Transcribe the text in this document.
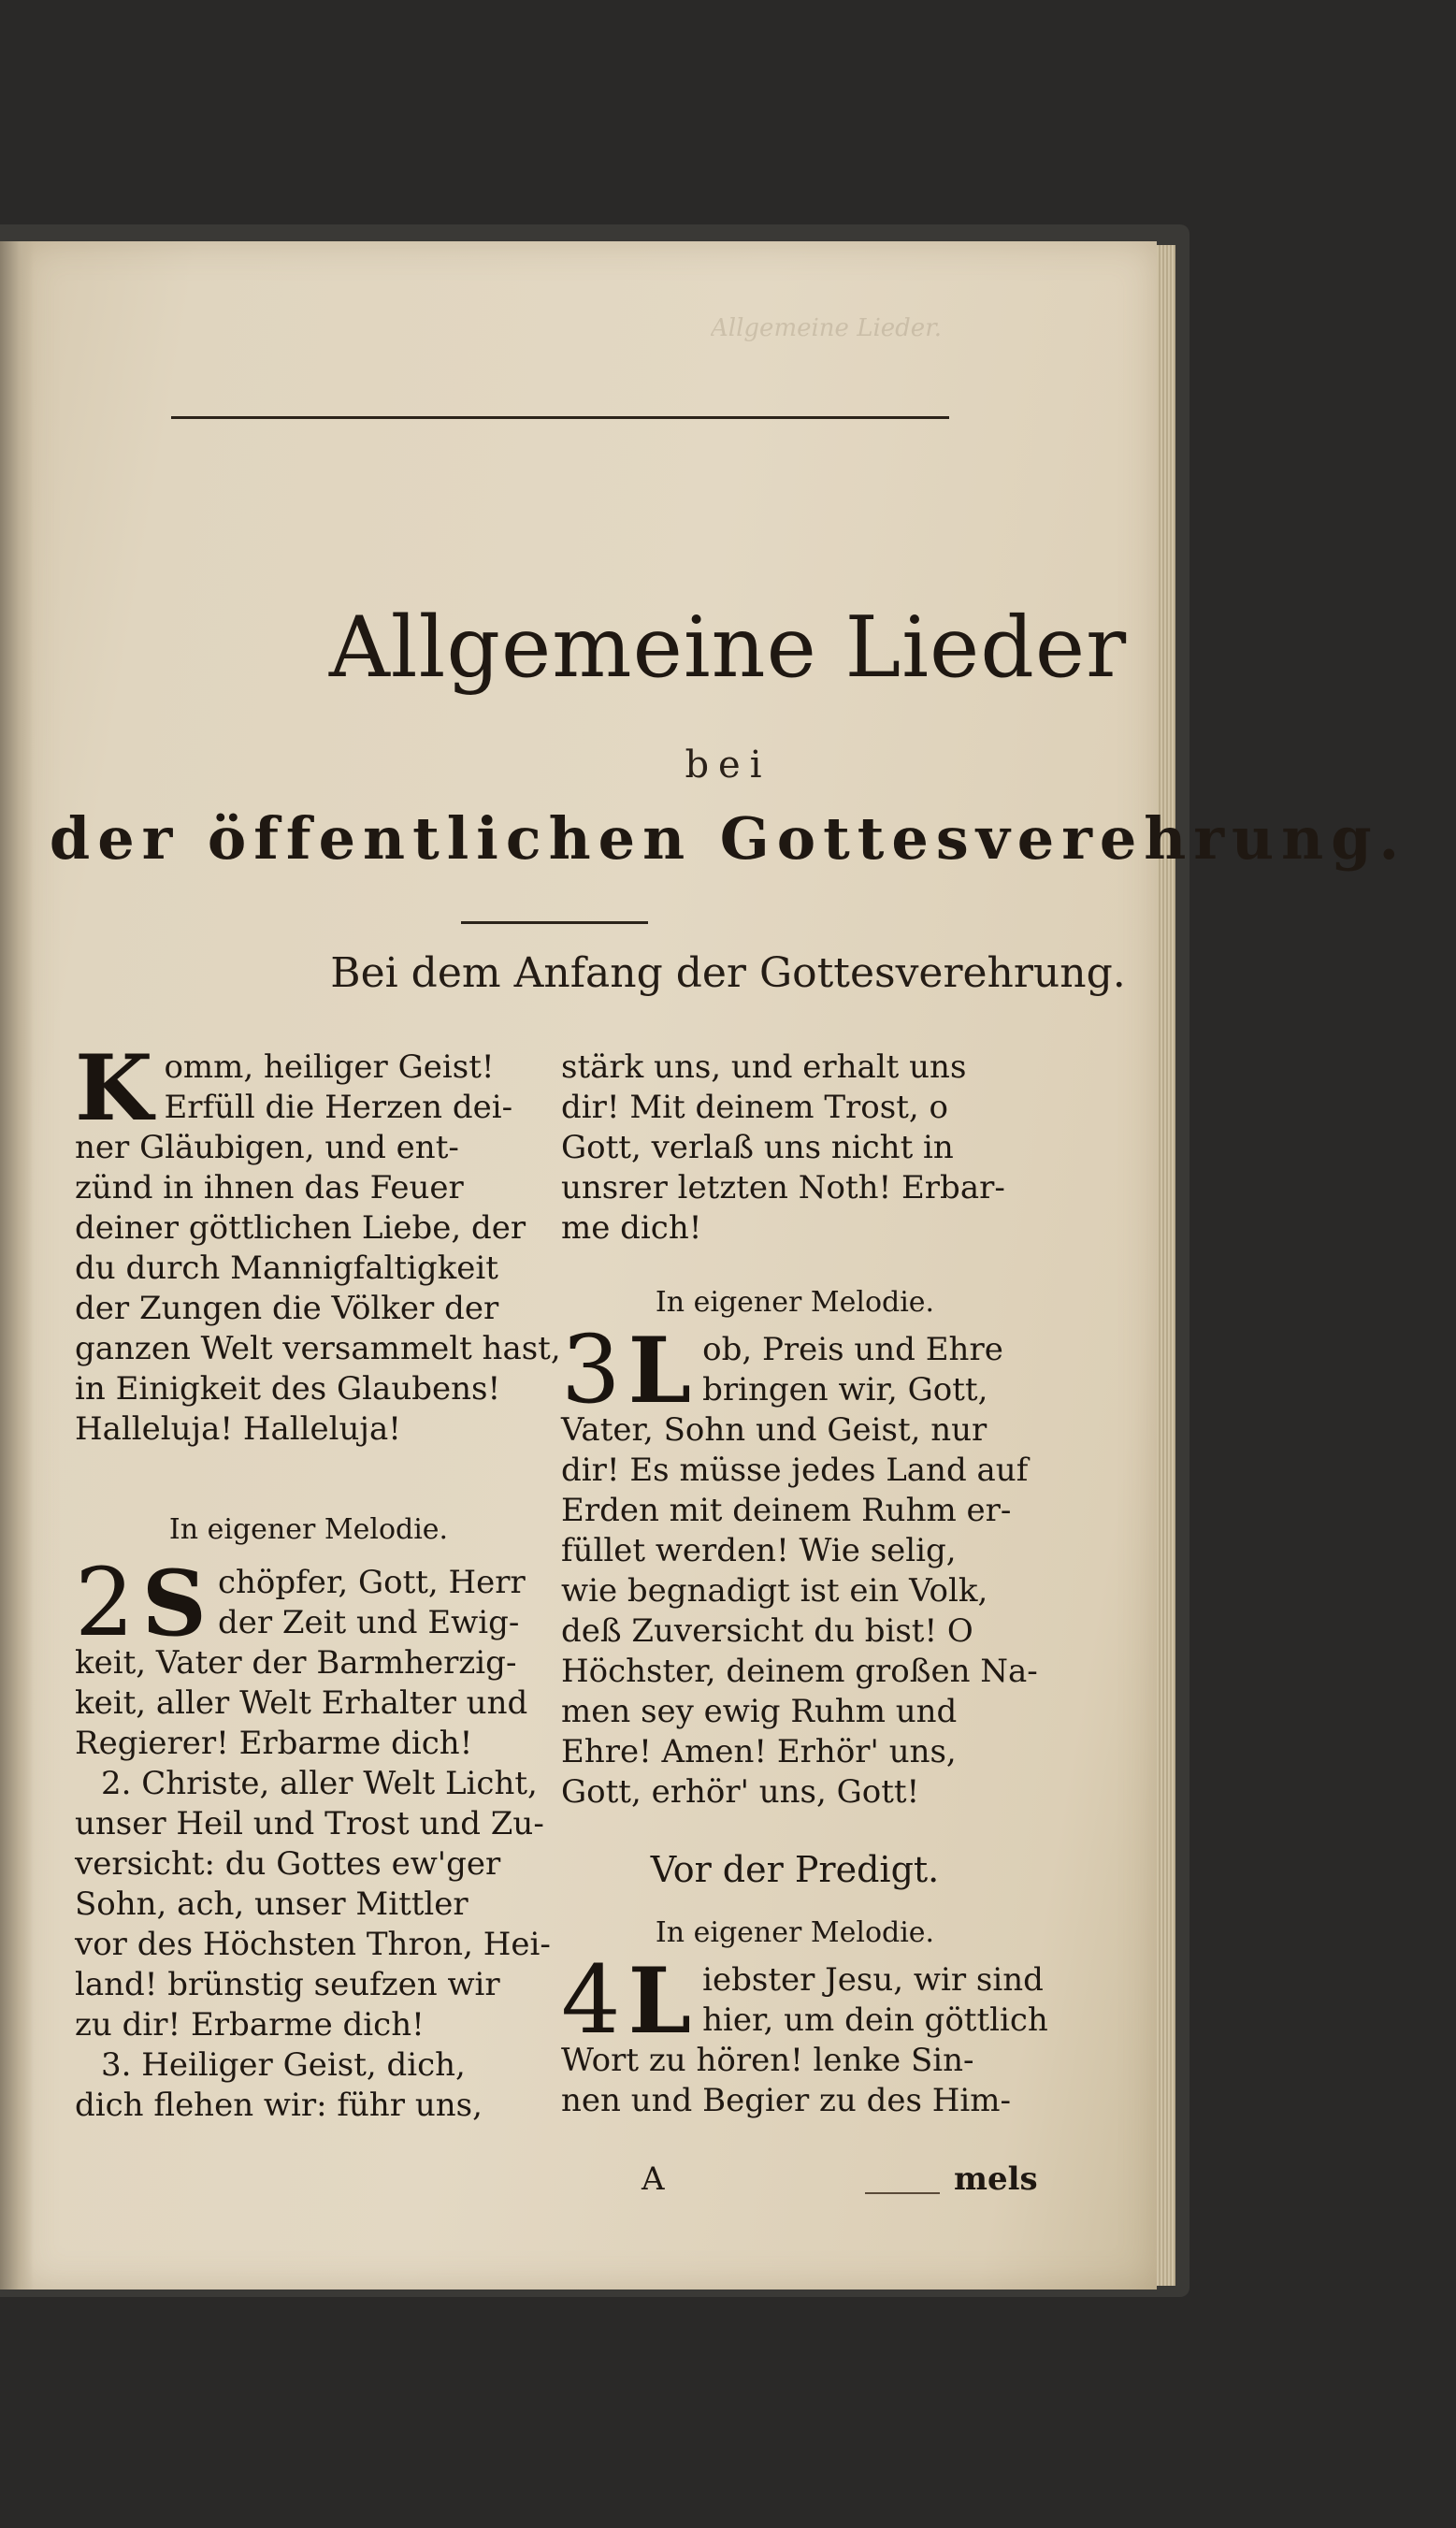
Allgemeine Lieder.
Allgemeine Lieder
bei
der öffentlichen Gottesverehrung.
Bei dem Anfang der Gottesverehrung.
K omm, heiliger Geist!
Erfüll die Herzen dei-
ner Gläubigen, und ent-
zünd in ihnen das Feuer
deiner göttlichen Liebe, der
du durch Mannigfaltigkeit
der Zungen die Völker der
ganzen Welt versammelt hast,
in Einigkeit des Glaubens!
Halleluja! Halleluja!

In eigener Melodie.

2 S chöpfer, Gott, Herr
der Zeit und Ewig-
keit, Vater der Barmherzig-
keit, aller Welt Erhalter und
Regierer! Erbarme dich!
2. Christe, aller Welt Licht,
unser Heil und Trost und Zu-
versicht: du Gottes ew'ger
Sohn, ach, unser Mittler
vor des Höchsten Thron, Hei-
land! brünstig seufzen wir
zu dir! Erbarme dich!
3. Heiliger Geist, dich,
dich flehen wir: führ uns,
stärk uns, und erhalt uns
dir! Mit deinem Trost, o
Gott, verlaß uns nicht in
unsrer letzten Noth! Erbar-
me dich!

In eigener Melodie.

3 L ob, Preis und Ehre
bringen wir, Gott,
Vater, Sohn und Geist, nur
dir! Es müsse jedes Land auf
Erden mit deinem Ruhm er-
füllet werden! Wie selig,
wie begnadigt ist ein Volk,
deß Zuversicht du bist! O
Höchster, deinem großen Na-
men sey ewig Ruhm und
Ehre! Amen! Erhör' uns,
Gott, erhör' uns, Gott!

Vor der Predigt.

In eigener Melodie.

4 L iebster Jesu, wir sind
hier, um dein göttlich
Wort zu hören! lenke Sin-
nen und Begier zu des Him-
A	mels
